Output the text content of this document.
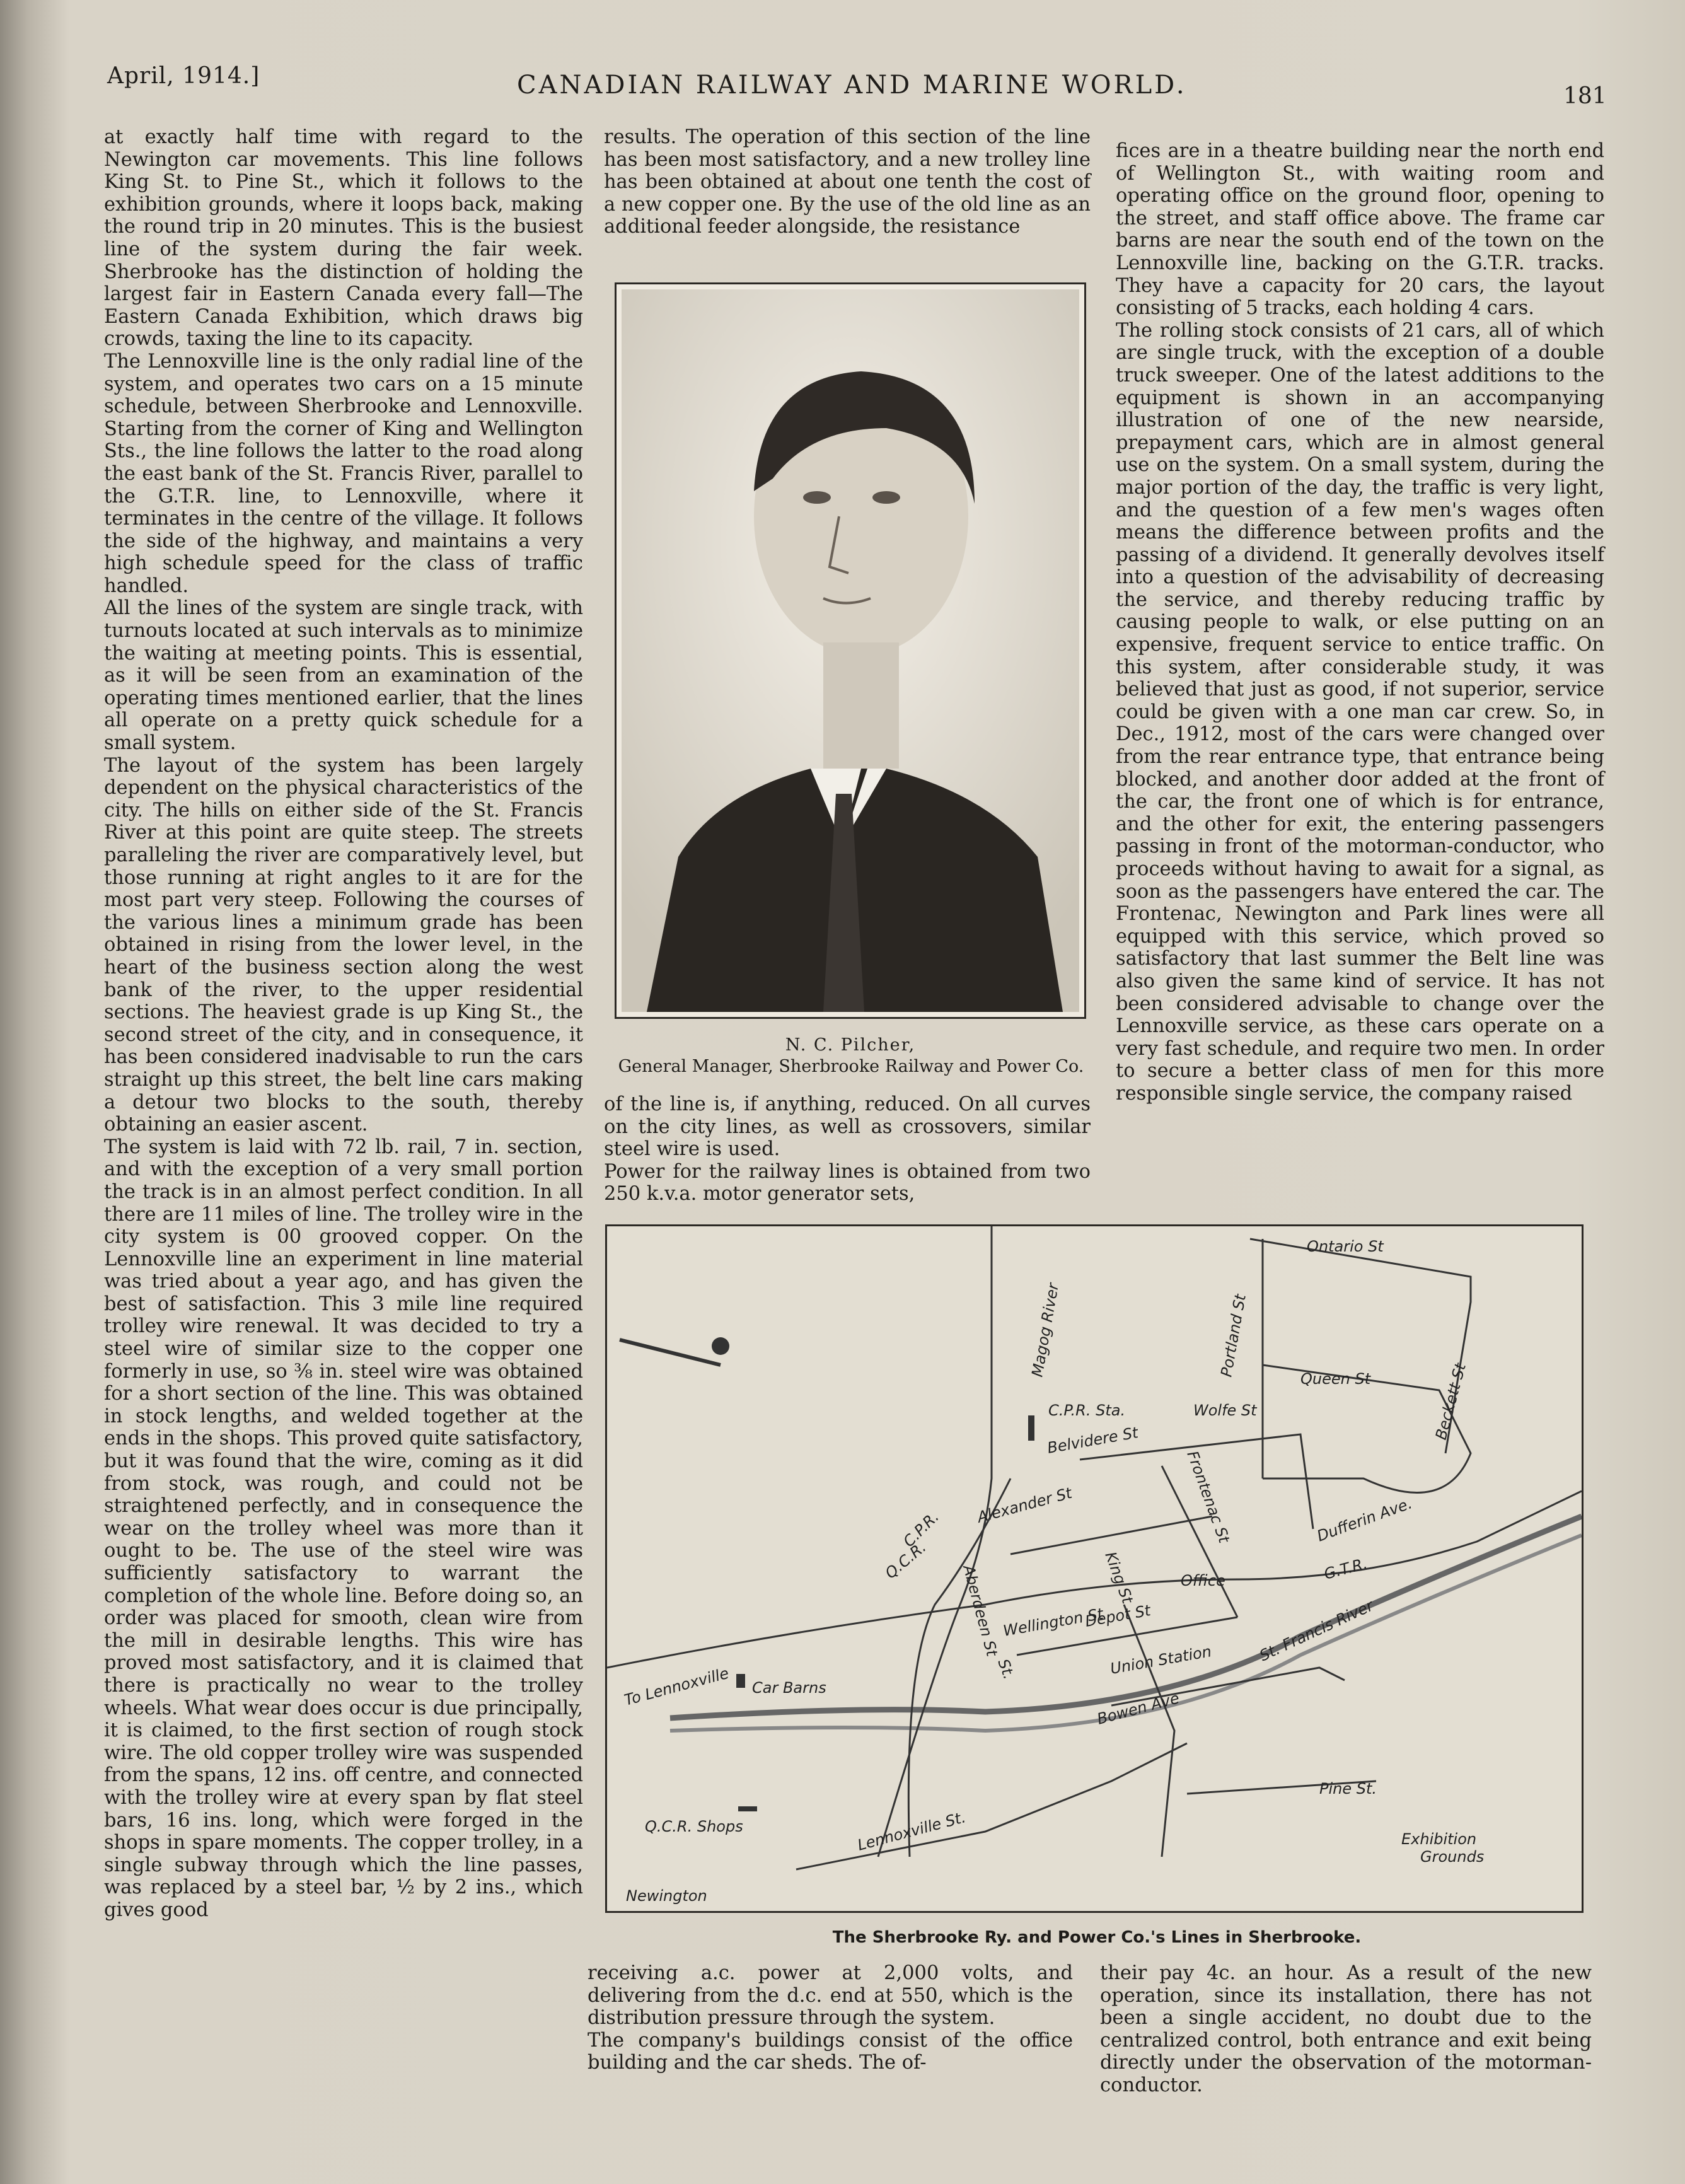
April, 1914.]	CANADIAN RAILWAY AND MARINE WORLD.	181

at exactly half time with regard to the Newington car movements. This line follows King St. to Pine St., which it follows to the exhibition grounds, where it loops back, making the round trip in 20 minutes. This is the busiest line of the system during the fair week. Sherbrooke has the distinction of holding the largest fair in Eastern Canada every fall—The Eastern Canada Exhibition, which draws big crowds, taxing the line to its capacity.
The Lennoxville line is the only radial line of the system, and operates two cars on a 15 minute schedule, between Sherbrooke and Lennoxville. Starting from the corner of King and Wellington Sts., the line follows the latter to the road along the east bank of the St. Francis River, parallel to the G.T.R. line, to Lennoxville, where it terminates in the centre of the village. It follows the side of the highway, and maintains a very high schedule speed for the class of traffic handled.
All the lines of the system are single track, with turnouts located at such intervals as to minimize the waiting at meeting points. This is essential, as it will be seen from an examination of the operating times mentioned earlier, that the lines all operate on a pretty quick schedule for a small system.
The layout of the system has been largely dependent on the physical characteristics of the city. The hills on either side of the St. Francis River at this point are quite steep. The streets paralleling the river are comparatively level, but those running at right angles to it are for the most part very steep. Following the courses of the various lines a minimum grade has been obtained in rising from the lower level, in the heart of the business section along the west bank of the river, to the upper residential sections. The heaviest grade is up King St., the second street of the city, and in consequence, it has been considered inadvisable to run the cars straight up this street, the belt line cars making a detour two blocks to the south, thereby obtaining an easier ascent.
The system is laid with 72 lb. rail, 7 in. section, and with the exception of a very small portion the track is in an almost perfect condition. In all there are 11 miles of line. The trolley wire in the city system is 00 grooved copper. On the Lennoxville line an experiment in line material was tried about a year ago, and has given the best of satisfaction. This 3 mile line required trolley wire renewal. It was decided to try a steel wire of similar size to the copper one formerly in use, so ⅜ in. steel wire was obtained for a short section of the line. This was obtained in stock lengths, and welded together at the ends in the shops. This proved quite satisfactory, but it was found that the wire, coming as it did from stock, was rough, and could not be straightened perfectly, and in consequence the wear on the trolley wheel was more than it ought to be. The use of the steel wire was sufficiently satisfactory to warrant the completion of the whole line. Before doing so, an order was placed for smooth, clean wire from the mill in desirable lengths. This wire has proved most satisfactory, and it is claimed that there is practically no wear to the trolley wheels. What wear does occur is due principally, it is claimed, to the first section of rough stock wire. The old copper trolley wire was suspended from the spans, 12 ins. off centre, and connected with the trolley wire at every span by flat steel bars, 16 ins. long, which were forged in the shops in spare moments. The copper trolley, in a single subway through which the line passes, was replaced by a steel bar, ½ by 2 ins., which gives good

results. The operation of this section of the line has been most satisfactory, and a new trolley line has been obtained at about one tenth the cost of a new copper one. By the use of the old line as an additional feeder alongside, the resistance

N. C. Pilcher,
General Manager, Sherbrooke Railway and Power Co.

of the line is, if anything, reduced. On all curves on the city lines, as well as crossovers, similar steel wire is used.
Power for the railway lines is obtained from two 250 k.v.a. motor generator sets,

fices are in a theatre building near the north end of Wellington St., with waiting room and operating office on the ground floor, opening to the street, and staff office above. The frame car barns are near the south end of the town on the Lennoxville line, backing on the G.T.R. tracks. They have a capacity for 20 cars, the layout consisting of 5 tracks, each holding 4 cars.
The rolling stock consists of 21 cars, all of which are single truck, with the exception of a double truck sweeper. One of the latest additions to the equipment is shown in an accompanying illustration of one of the new nearside, prepayment cars, which are in almost general use on the system. On a small system, during the major portion of the day, the traffic is very light, and the question of a few men's wages often means the difference between profits and the passing of a dividend. It generally devolves itself into a question of the advisability of decreasing the service, and thereby reducing traffic by causing people to walk, or else putting on an expensive, frequent service to entice traffic. On this system, after considerable study, it was believed that just as good, if not superior, service could be given with a one man car crew. So, in Dec., 1912, most of the cars were changed over from the rear entrance type, that entrance being blocked, and another door added at the front of the car, the front one of which is for entrance, and the other for exit, the entering passengers passing in front of the motorman-conductor, who proceeds without having to await for a signal, as soon as the passengers have entered the car. The Frontenac, Newington and Park lines were all equipped with this service, which proved so satisfactory that last summer the Belt line was also given the same kind of service. It has not been considered advisable to change over the Lennoxville service, as these cars operate on a very fast schedule, and require two men. In order to secure a better class of men for this more responsible single service, the company raised

Ontario St
Portland St
Magog River
Queen St	Beckett St
Wolfe St
C.P.R. Sta.
Belvidere St
Frontenac St	Dufferin Ave.
C.P.R.
Alexander St
Q.C.R.
Aberdeen St	King St	Office	G.T.R.
St.
Wellington St
Depot St	St. Francis River
To Lennoxville Car Barns
Union Station
Bowen Ave
Pine St.
Q.C.R. Shops	Lennoxville St.	Exhibition
Grounds
Newington
The Sherbrooke Ry. and Power Co.'s Lines in Sherbrooke.

receiving a.c. power at 2,000 volts, and delivering from the d.c. end at 550, which is the distribution pressure through the system.
The company's buildings consist of the office building and the car sheds. The of-

their pay 4c. an hour. As a result of the new operation, since its installation, there has not been a single accident, no doubt due to the centralized control, both entrance and exit being directly under the observation of the motorman-conductor.
